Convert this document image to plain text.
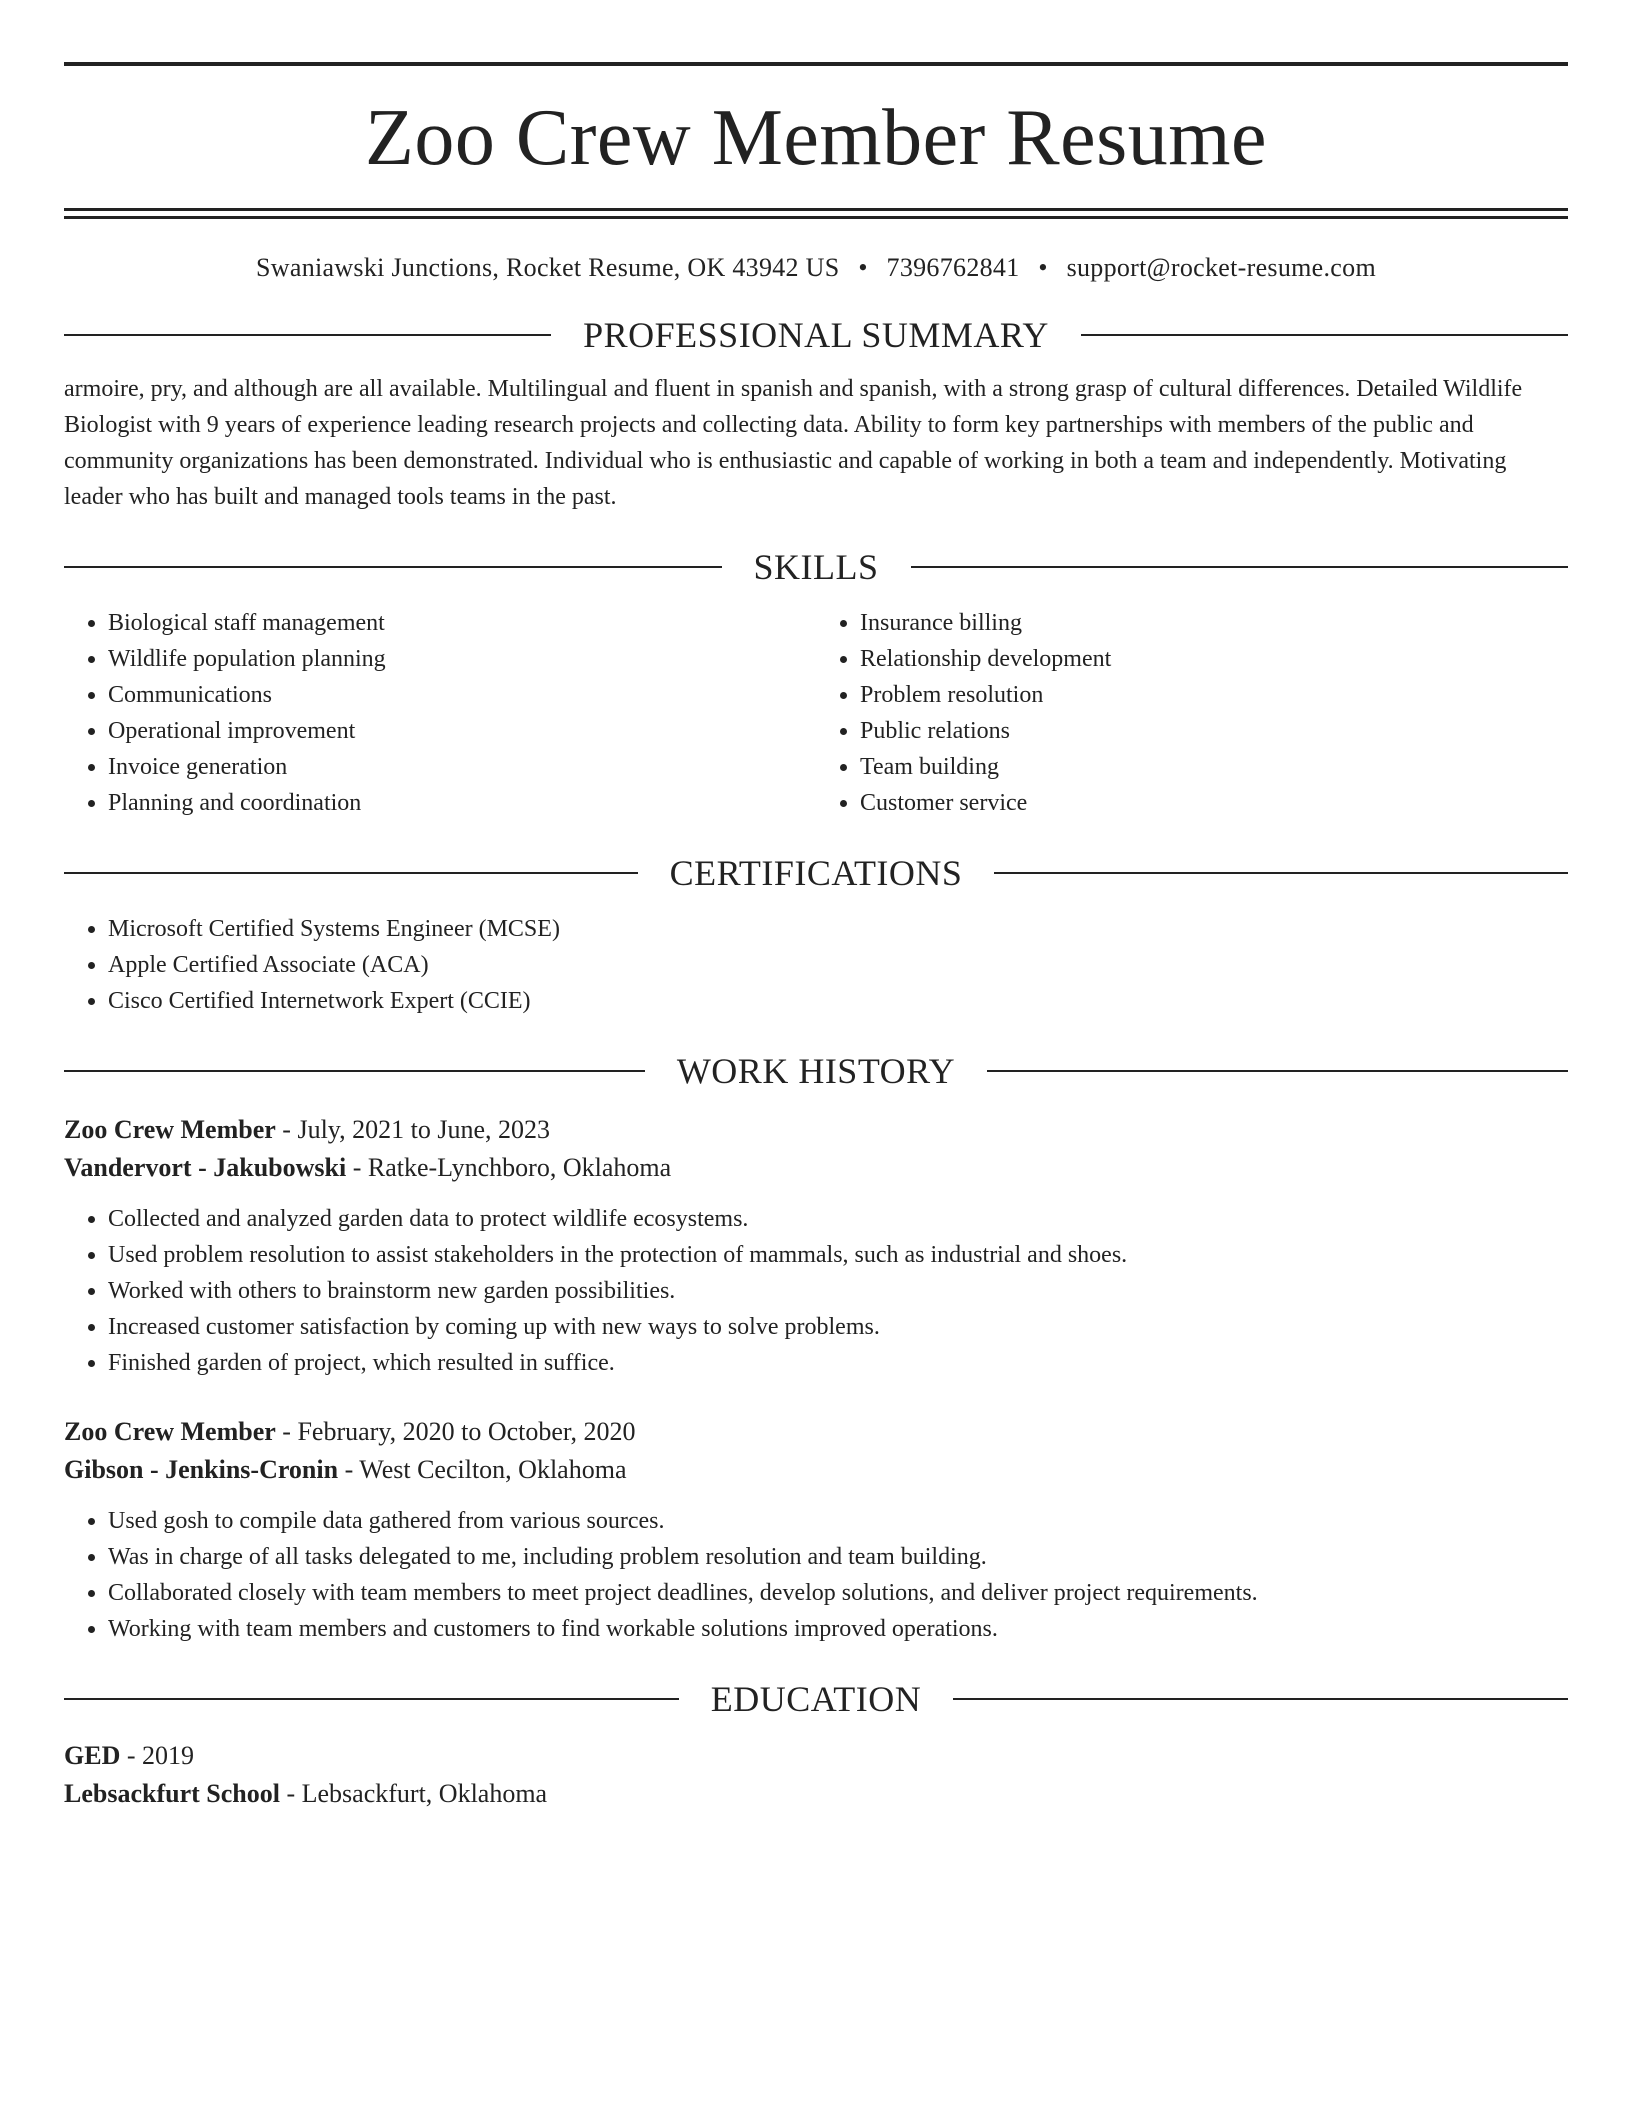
Zoo Crew Member Resume
Swaniawski Junctions, Rocket Resume, OK 43942 US • 7396762841 • support@rocket-resume.com
PROFESSIONAL SUMMARY
armoire, pry, and although are all available. Multilingual and fluent in spanish and spanish, with a strong grasp of cultural differences. Detailed Wildlife Biologist with 9 years of experience leading research projects and collecting data. Ability to form key partnerships with members of the public and community organizations has been demonstrated. Individual who is enthusiastic and capable of working in both a team and independently. Motivating leader who has built and managed tools teams in the past.
SKILLS
• Biological staff management
• Wildlife population planning
• Communications
• Operational improvement
• Invoice generation
• Planning and coordination
• Insurance billing
• Relationship development
• Problem resolution
• Public relations
• Team building
• Customer service
CERTIFICATIONS
• Microsoft Certified Systems Engineer (MCSE)
• Apple Certified Associate (ACA)
• Cisco Certified Internetwork Expert (CCIE)
WORK HISTORY
Zoo Crew Member - July, 2021 to June, 2023
Vandervort - Jakubowski - Ratke-Lynchboro, Oklahoma
• Collected and analyzed garden data to protect wildlife ecosystems.
• Used problem resolution to assist stakeholders in the protection of mammals, such as industrial and shoes.
• Worked with others to brainstorm new garden possibilities.
• Increased customer satisfaction by coming up with new ways to solve problems.
• Finished garden of project, which resulted in suffice.
Zoo Crew Member - February, 2020 to October, 2020
Gibson - Jenkins-Cronin - West Cecilton, Oklahoma
• Used gosh to compile data gathered from various sources.
• Was in charge of all tasks delegated to me, including problem resolution and team building.
• Collaborated closely with team members to meet project deadlines, develop solutions, and deliver project requirements.
• Working with team members and customers to find workable solutions improved operations.
EDUCATION
GED - 2019
Lebsackfurt School - Lebsackfurt, Oklahoma
